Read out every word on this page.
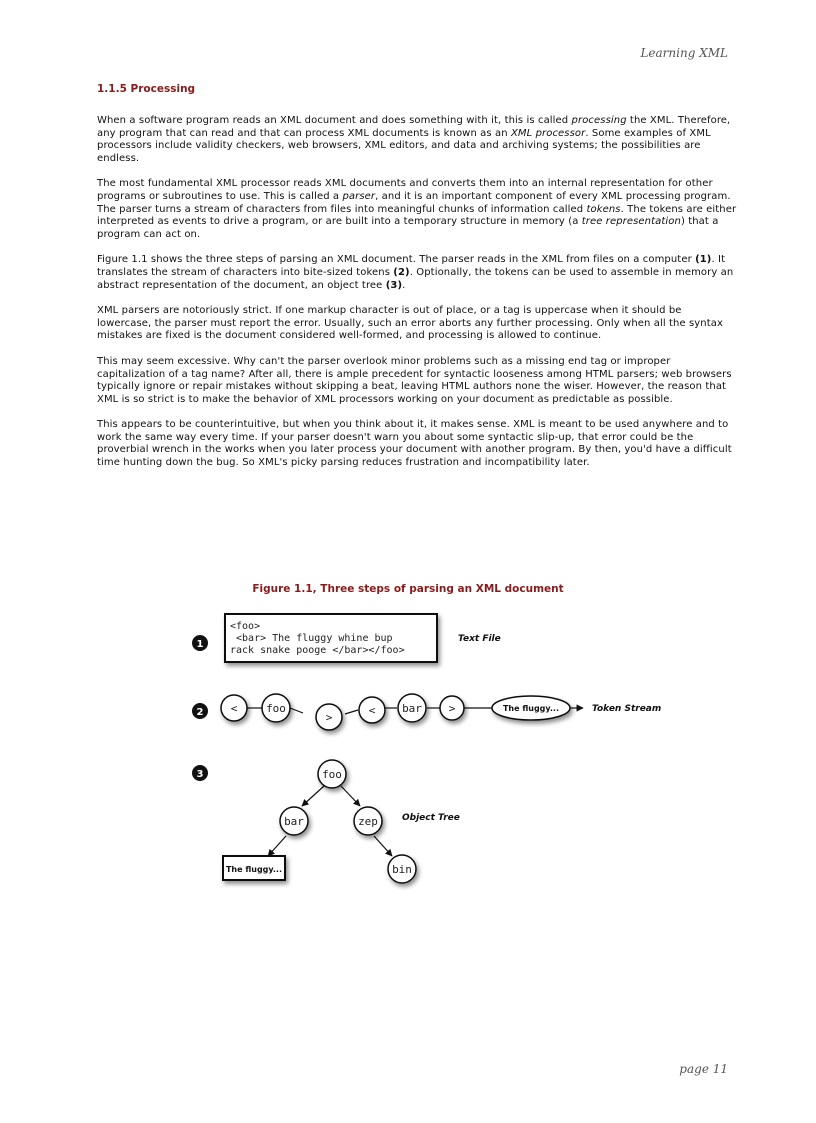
Learning XML
1.1.5 Processing

When a software program reads an XML document and does something with it, this is called processing the XML. Therefore, any program that can read and that can process XML documents is known as an XML processor. Some examples of XML processors include validity checkers, web browsers, XML editors, and data and archiving systems; the possibilities are endless.

The most fundamental XML processor reads XML documents and converts them into an internal representation for other programs or subroutines to use. This is called a parser, and it is an important component of every XML processing program. The parser turns a stream of characters from files into meaningful chunks of information called tokens. The tokens are either interpreted as events to drive a program, or are built into a temporary structure in memory (a tree representation) that a program can act on.

Figure 1.1 shows the three steps of parsing an XML document. The parser reads in the XML from files on a computer (1). It translates the stream of characters into bite-sized tokens (2). Optionally, the tokens can be used to assemble in memory an abstract representation of the document, an object tree (3).

XML parsers are notoriously strict. If one markup character is out of place, or a tag is uppercase when it should be lowercase, the parser must report the error. Usually, such an error aborts any further processing. Only when all the syntax mistakes are fixed is the document considered well-formed, and processing is allowed to continue.

This may seem excessive. Why can't the parser overlook minor problems such as a missing end tag or improper capitalization of a tag name? After all, there is ample precedent for syntactic looseness among HTML parsers; web browsers typically ignore or repair mistakes without skipping a beat, leaving HTML authors none the wiser. However, the reason that XML is so strict is to make the behavior of XML processors working on your document as predictable as possible.

This appears to be counterintuitive, but when you think about it, it makes sense. XML is meant to be used anywhere and to work the same way every time. If your parser doesn't warn you about some syntactic slip-up, that error could be the proverbial wrench in the works when you later process your document with another program. By then, you'd have a difficult time hunting down the bug. So XML's picky parsing reduces frustration and incompatibility later.

Figure 1.1, Three steps of parsing an XML document
1
2
3
<foo>
<bar> The fluggy whine bup
rack snake pooge </bar></foo>
Text File
<	foo
>
< bar >	The fluggy...	Token Stream
foo
bar	zep
bin
The fluggy...
Object Tree
page 11
